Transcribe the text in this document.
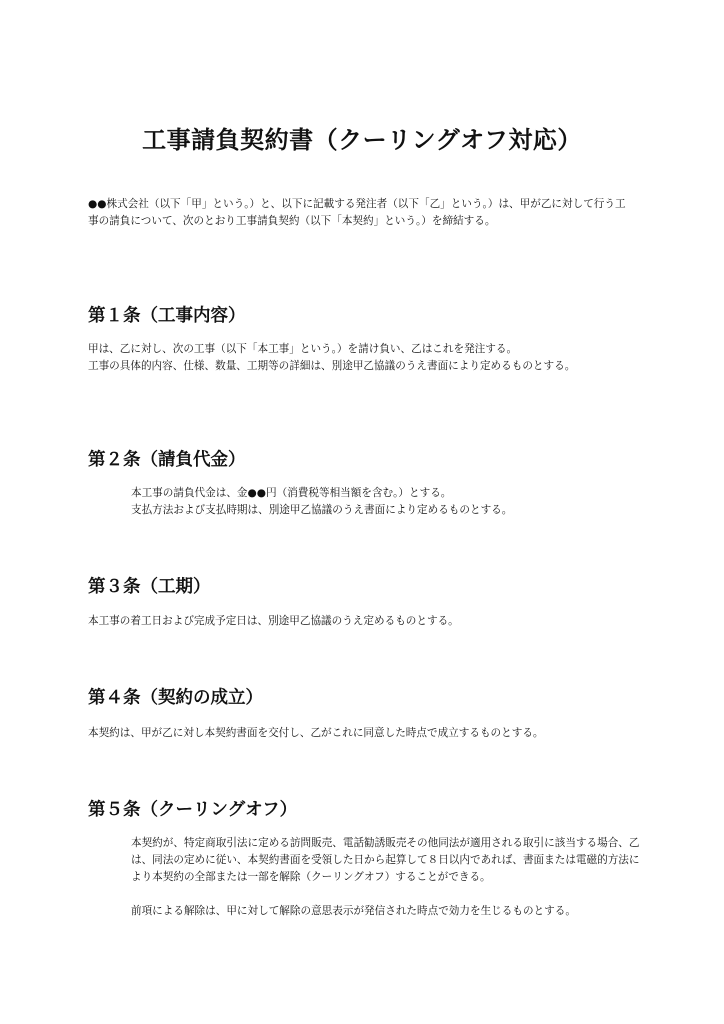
工事請負契約書（クーリングオフ対応）
●●株式会社（以下「甲」という。）と、以下に記載する発注者（以下「乙」という。）は、甲が乙に対して行う工事の請負について、次のとおり工事請負契約（以下「本契約」という。）を締結する。
第１条（工事内容）
甲は、乙に対し、次の工事（以下「本工事」という。）を請け負い、乙はこれを発注する。
工事の具体的内容、仕様、数量、工期等の詳細は、別途甲乙協議のうえ書面により定めるものとする。
第２条（請負代金）
本工事の請負代金は、金●●円（消費税等相当額を含む。）とする。
支払方法および支払時期は、別途甲乙協議のうえ書面により定めるものとする。
第３条（工期）
本工事の着工日および完成予定日は、別途甲乙協議のうえ定めるものとする。
第４条（契約の成立）
本契約は、甲が乙に対し本契約書面を交付し、乙がこれに同意した時点で成立するものとする。
第５条（クーリングオフ）
本契約が、特定商取引法に定める訪問販売、電話勧誘販売その他同法が適用される取引に該当する場合、乙は、同法の定めに従い、本契約書面を受領した日から起算して８日以内であれば、書面または電磁的方法により本契約の全部または一部を解除（クーリングオフ）することができる。
前項による解除は、甲に対して解除の意思表示が発信された時点で効力を生じるものとする。
